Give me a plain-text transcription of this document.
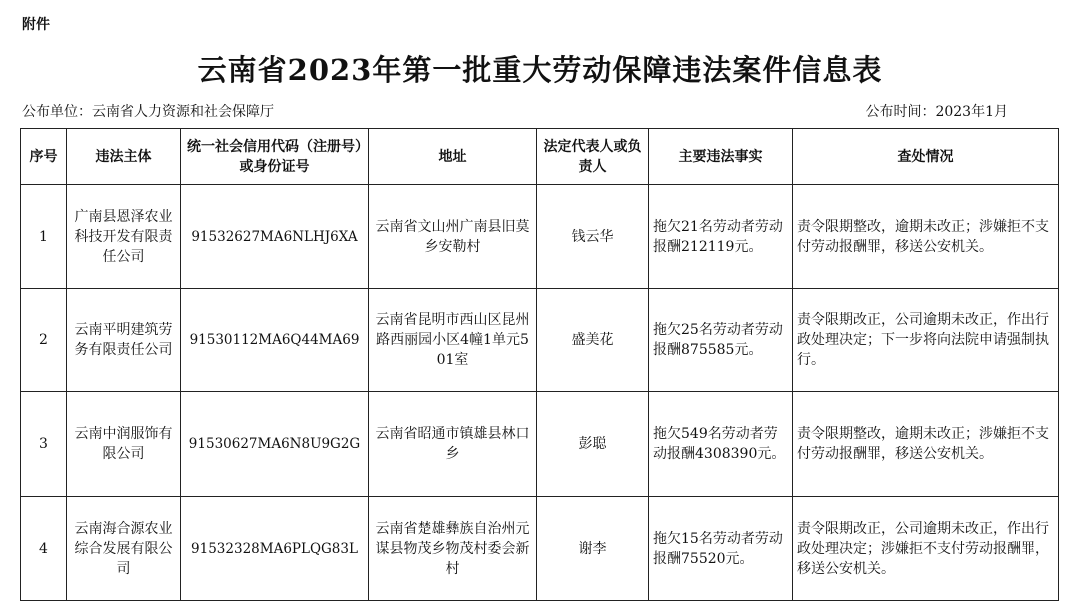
附件
云南省2023年第一批重大劳动保障违法案件信息表
公布单位：云南省人力资源和社会保障厅	公布时间：2023年1月
序号	违法主体	统一社会信用代码（注册号）或身份证号	地址	法定代表人或负责人	主要违法事实	查处情况
1	广南县恩泽农业科技开发有限责任公司	91532627MA6NLHJ6XA	云南省文山州广南县旧莫乡安勒村	钱云华	拖欠21名劳动者劳动报酬212119元。	责令限期整改，逾期未改正；涉嫌拒不支付劳动报酬罪，移送公安机关。
2	云南平明建筑劳务有限责任公司	91530112MA6Q44MA69	云南省昆明市西山区昆州路西丽园小区4幢1单元501室	盛美花	拖欠25名劳动者劳动报酬875585元。	责令限期改正，公司逾期未改正，作出行政处理决定；下一步将向法院申请强制执行。
3	云南中润服饰有限公司	91530627MA6N8U9G2G	云南省昭通市镇雄县林口乡	彭聪	拖欠549名劳动者劳动报酬4308390元。	责令限期整改，逾期未改正；涉嫌拒不支付劳动报酬罪，移送公安机关。
4	云南海合源农业综合发展有限公司	91532328MA6PLQG83L	云南省楚雄彝族自治州元谋县物茂乡物茂村委会新村	谢李	拖欠15名劳动者劳动报酬75520元。	责令限期改正，公司逾期未改正，作出行政处理决定；涉嫌拒不支付劳动报酬罪，移送公安机关。
